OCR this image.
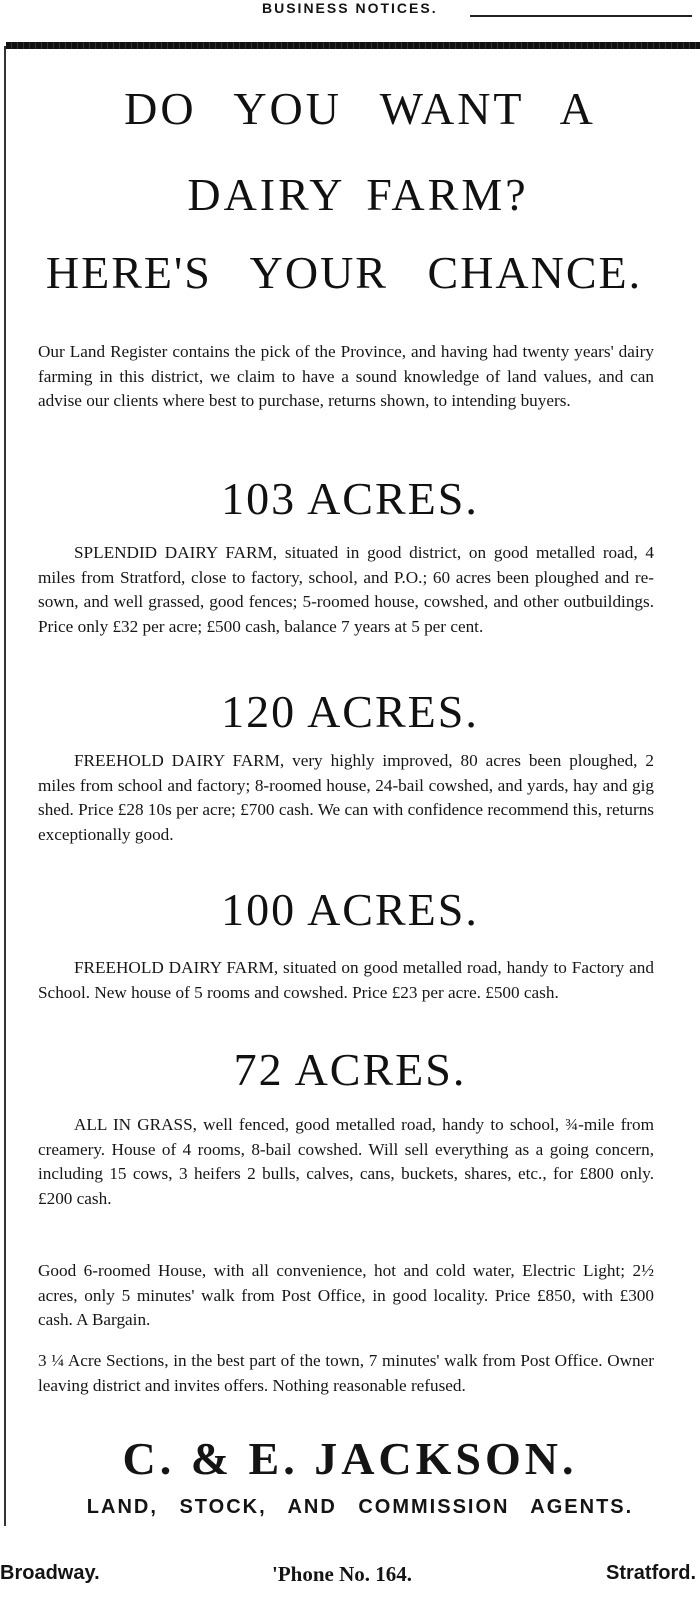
BUSINESS NOTICES.
DO YOU WANT A
DAIRY FARM?
HERE'S YOUR CHANCE.
Our Land Register contains the pick of the Province, and having had twenty years' dairy farming in this district, we claim to have a sound knowledge of land values, and can advise our clients where best to purchase, returns shown, to intending buyers.
103 ACRES.
SPLENDID DAIRY FARM, situated in good district, on good metalled road, 4 miles from Stratford, close to factory, school, and P.O.; 60 acres been ploughed and re-sown, and well grassed, good fences; 5-roomed house, cowshed, and other outbuildings. Price only £32 per acre; £500 cash, balance 7 years at 5 per cent.
120 ACRES.
FREEHOLD DAIRY FARM, very highly improved, 80 acres been ploughed, 2 miles from school and factory; 8-roomed house, 24-bail cowshed, and yards, hay and gig shed. Price £28 10s per acre; £700 cash. We can with confidence recommend this, returns exceptionally good.
100 ACRES.
FREEHOLD DAIRY FARM, situated on good metalled road, handy to Factory and School. New house of 5 rooms and cowshed. Price £23 per acre. £500 cash.
72 ACRES.
ALL IN GRASS, well fenced, good metalled road, handy to school, ¾-mile from creamery. House of 4 rooms, 8-bail cowshed. Will sell everything as a going concern, including 15 cows, 3 heifers 2 bulls, calves, cans, buckets, shares, etc., for £800 only. £200 cash.
Good 6-roomed House, with all convenience, hot and cold water, Electric Light; 2½ acres, only 5 minutes' walk from Post Office, in good locality. Price £850, with £300 cash. A Bargain.
3 ¼ Acre Sections, in the best part of the town, 7 minutes' walk from Post Office. Owner leaving district and invites offers. Nothing reasonable refused.
C. & E. JACKSON.
LAND, STOCK, AND COMMISSION AGENTS.
Broadway.	'Phone No. 164.	Stratford.
